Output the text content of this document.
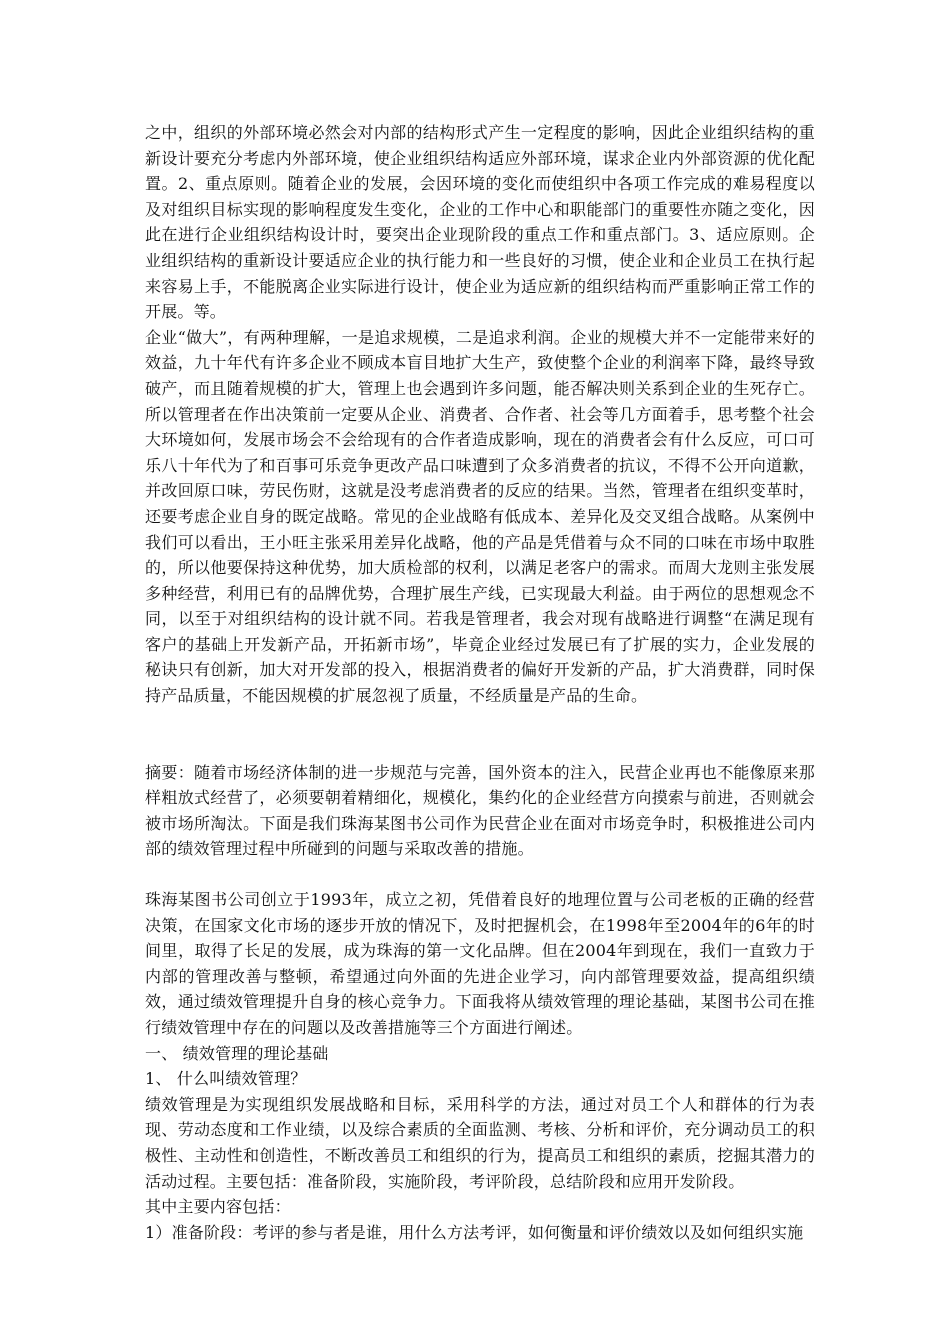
之中，组织的外部环境必然会对内部的结构形式产生一定程度的影响，因此企业组织结构的重新设计要充分考虑内外部环境，使企业组织结构适应外部环境，谋求企业内外部资源的优化配置。2、重点原则。随着企业的发展，会因环境的变化而使组织中各项工作完成的难易程度以及对组织目标实现的影响程度发生变化，企业的工作中心和职能部门的重要性亦随之变化，因此在进行企业组织结构设计时，要突出企业现阶段的重点工作和重点部门。3、适应原则。企业组织结构的重新设计要适应企业的执行能力和一些良好的习惯，使企业和企业员工在执行起来容易上手，不能脱离企业实际进行设计，使企业为适应新的组织结构而严重影响正常工作的开展。等。

企业“做大”，有两种理解，一是追求规模，二是追求利润。企业的规模大并不一定能带来好的效益，九十年代有许多企业不顾成本盲目地扩大生产，致使整个企业的利润率下降，最终导致破产，而且随着规模的扩大，管理上也会遇到许多问题，能否解决则关系到企业的生死存亡。所以管理者在作出决策前一定要从企业、消费者、合作者、社会等几方面着手，思考整个社会大环境如何，发展市场会不会给现有的合作者造成影响，现在的消费者会有什么反应，可口可乐八十年代为了和百事可乐竞争更改产品口味遭到了众多消费者的抗议，不得不公开向道歉，并改回原口味，劳民伤财，这就是没考虑消费者的反应的结果。当然，管理者在组织变革时，还要考虑企业自身的既定战略。常见的企业战略有低成本、差异化及交叉组合战略。从案例中我们可以看出，王小旺主张采用差异化战略，他的产品是凭借着与众不同的口味在市场中取胜的，所以他要保持这种优势，加大质检部的权利，以满足老客户的需求。而周大龙则主张发展多种经营，利用已有的品牌优势，合理扩展生产线，已实现最大利益。由于两位的思想观念不同，以至于对组织结构的设计就不同。若我是管理者，我会对现有战略进行调整“在满足现有客户的基础上开发新产品，开拓新市场”，毕竟企业经过发展已有了扩展的实力，企业发展的秘诀只有创新，加大对开发部的投入，根据消费者的偏好开发新的产品，扩大消费群，同时保持产品质量，不能因规模的扩展忽视了质量，不经质量是产品的生命。

摘要：随着市场经济体制的进一步规范与完善，国外资本的注入，民营企业再也不能像原来那样粗放式经营了，必须要朝着精细化，规模化，集约化的企业经营方向摸索与前进，否则就会被市场所淘汰。下面是我们珠海某图书公司作为民营企业在面对市场竞争时，积极推进公司内部的绩效管理过程中所碰到的问题与采取改善的措施。

珠海某图书公司创立于1993年，成立之初，凭借着良好的地理位置与公司老板的正确的经营决策，在国家文化市场的逐步开放的情况下，及时把握机会，在1998年至2004年的6年的时间里，取得了长足的发展，成为珠海的第一文化品牌。但在2004年到现在，我们一直致力于内部的管理改善与整顿，希望通过向外面的先进企业学习，向内部管理要效益，提高组织绩效，通过绩效管理提升自身的核心竞争力。下面我将从绩效管理的理论基础，某图书公司在推行绩效管理中存在的问题以及改善措施等三个方面进行阐述。

一、 绩效管理的理论基础

1、 什么叫绩效管理？

绩效管理是为实现组织发展战略和目标，采用科学的方法，通过对员工个人和群体的行为表现、劳动态度和工作业绩，以及综合素质的全面监测、考核、分析和评价，充分调动员工的积极性、主动性和创造性，不断改善员工和组织的行为，提高员工和组织的素质，挖掘其潜力的活动过程。主要包括：准备阶段，实施阶段，考评阶段，总结阶段和应用开发阶段。

其中主要内容包括：

1）准备阶段：考评的参与者是谁，用什么方法考评，如何衡量和评价绩效以及如何组织实施
